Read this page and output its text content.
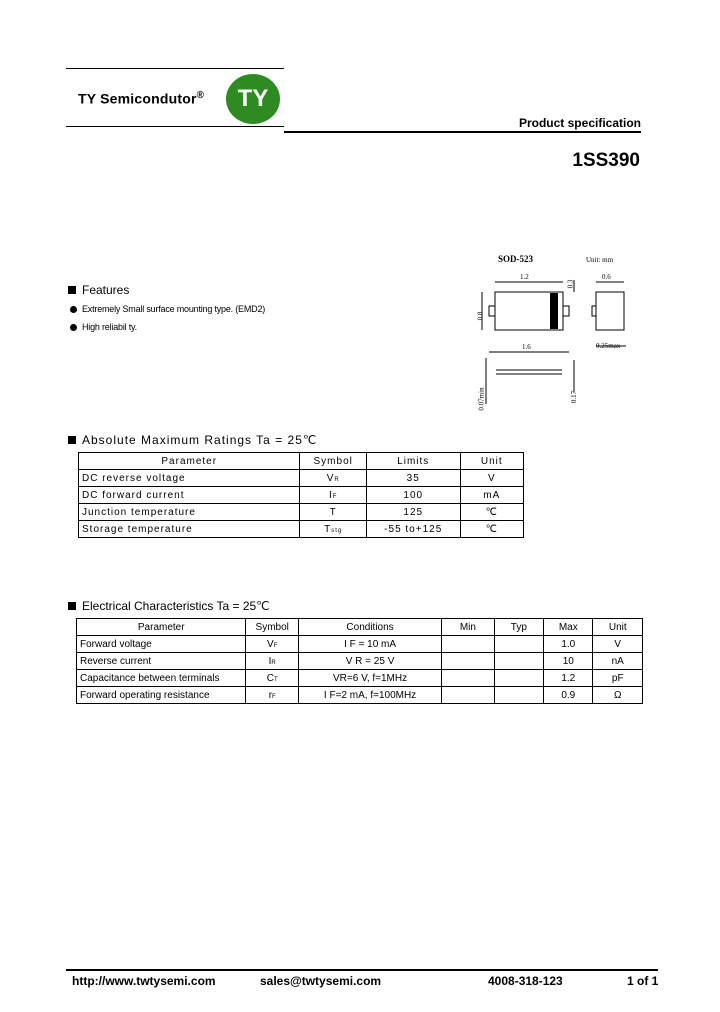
TY Semicondutor®	TY
Product specification
1SS390
SOD-523	Unit: mm
1.2	0.6
0.8
1.6	0.25max
0.17
0.07min
0.3
Features
Extremely Small surface mounting type. (EMD2)
High reliabil ty.
Absolute Maximum Ratings Ta = 25℃
Parameter	Symbol	Limits	Unit
DC reverse voltage	VR	35	V
DC forward current	IF	100	mA
Junction temperature	T	125	℃
Storage temperature	Tstg	-55 to+125	℃
Electrical Characteristics Ta = 25℃
Parameter	Symbol	Conditions	Min	Typ	Max	Unit
Forward voltage	VF	I F = 10 mA			1.0	V
Reverse current	IR	V R = 25 V			10	nA
Capacitance between terminals	CT	VR=6 V, f=1MHz			1.2	pF
Forward operating resistance	rF	I F=2 mA, f=100MHz			0.9	Ω
http://www.twtysemi.com	sales@twtysemi.com	4008-318-123	1 of 1
